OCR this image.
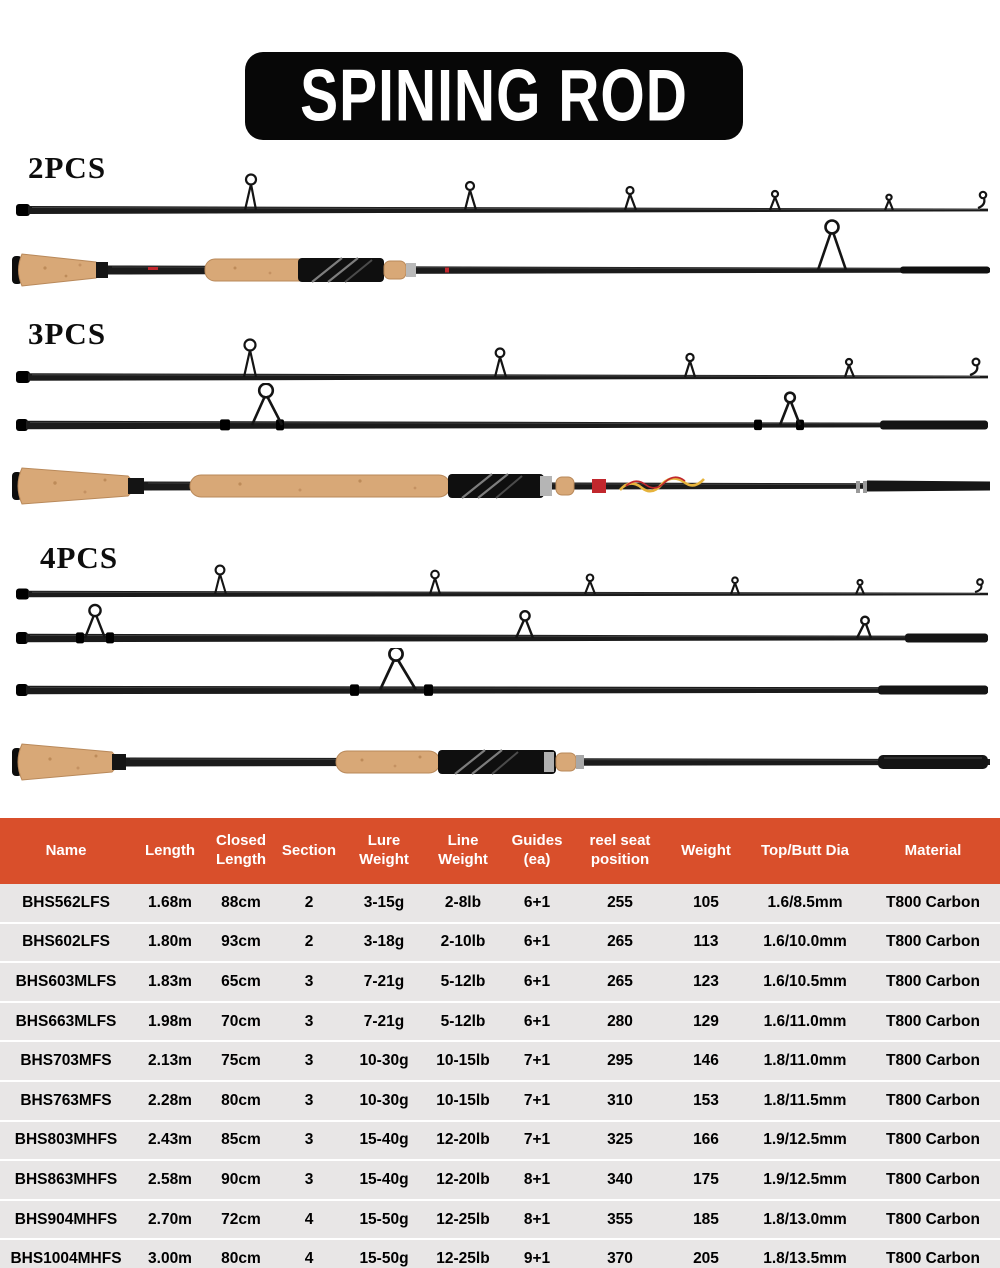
SPINING ROD
2PCS
3PCS
4PCS
Name	Length	Closed Length	Section	Lure Weight	Line Weight	Guides (ea)	reel seat position	Weight	Top/Butt Dia	Material
BHS562LFS	1.68m	88cm	2	3-15g	2-8lb	6+1	255	105	1.6/8.5mm	T800 Carbon
BHS602LFS	1.80m	93cm	2	3-18g	2-10lb	6+1	265	113	1.6/10.0mm	T800 Carbon
BHS603MLFS	1.83m	65cm	3	7-21g	5-12lb	6+1	265	123	1.6/10.5mm	T800 Carbon
BHS663MLFS	1.98m	70cm	3	7-21g	5-12lb	6+1	280	129	1.6/11.0mm	T800 Carbon
BHS703MFS	2.13m	75cm	3	10-30g	10-15lb	7+1	295	146	1.8/11.0mm	T800 Carbon
BHS763MFS	2.28m	80cm	3	10-30g	10-15lb	7+1	310	153	1.8/11.5mm	T800 Carbon
BHS803MHFS	2.43m	85cm	3	15-40g	12-20lb	7+1	325	166	1.9/12.5mm	T800 Carbon
BHS863MHFS	2.58m	90cm	3	15-40g	12-20lb	8+1	340	175	1.9/12.5mm	T800 Carbon
BHS904MHFS	2.70m	72cm	4	15-50g	12-25lb	8+1	355	185	1.8/13.0mm	T800 Carbon
BHS1004MHFS	3.00m	80cm	4	15-50g	12-25lb	9+1	370	205	1.8/13.5mm	T800 Carbon
